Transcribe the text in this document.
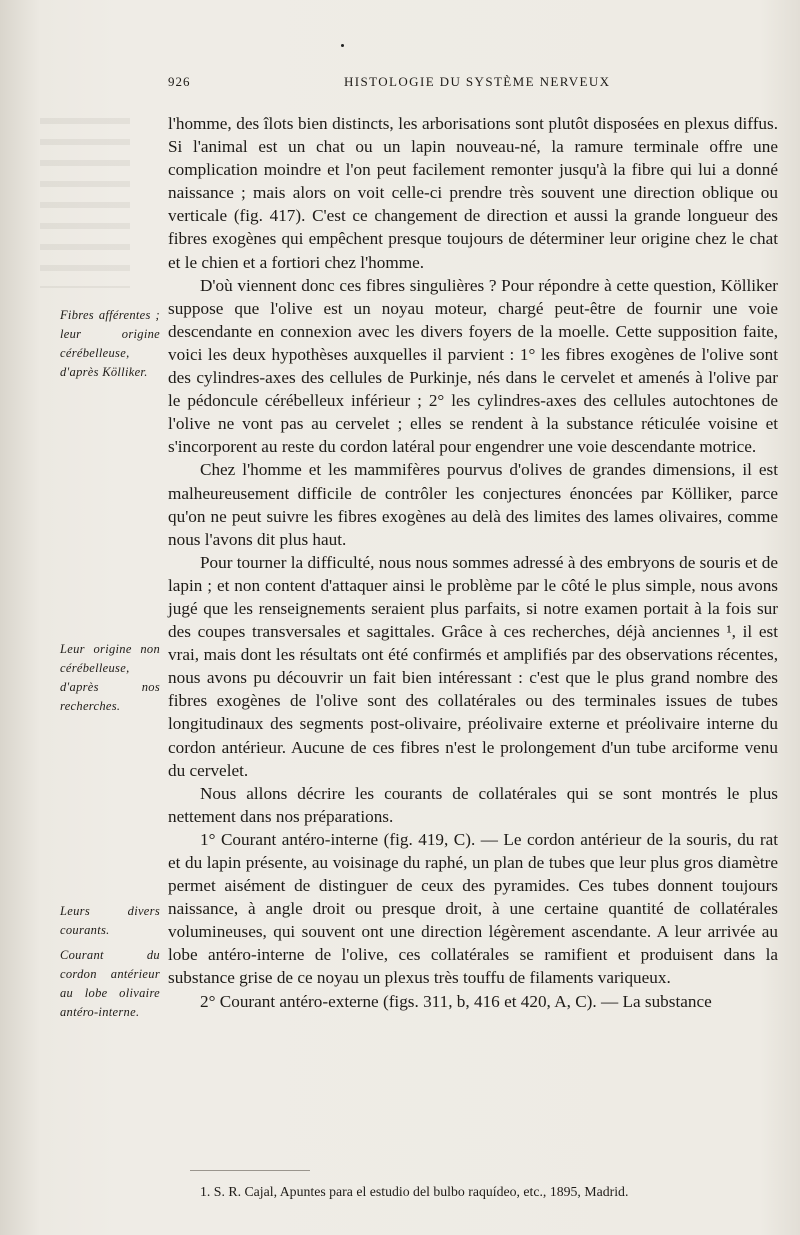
926	HISTOLOGIE DU SYSTÈME NERVEUX
Fibres afférentes ; leur origine cérébelleuse, d'après Kölliker.
Leur origine non cérébelleuse, d'après nos recherches.
Leurs divers courants.
Courant du cordon antérieur au lobe olivaire antéro-interne.

l'homme, des îlots bien distincts, les arborisations sont plutôt disposées en plexus diffus. Si l'animal est un chat ou un lapin nouveau-né, la ramure terminale offre une complication moindre et l'on peut facilement remonter jusqu'à la fibre qui lui a donné naissance ; mais alors on voit celle-ci prendre très souvent une direction oblique ou verticale (fig. 417). C'est ce changement de direction et aussi la grande longueur des fibres exogènes qui empêchent presque toujours de déterminer leur origine chez le chat et le chien et a fortiori chez l'homme.

D'où viennent donc ces fibres singulières ? Pour répondre à cette question, Kölliker suppose que l'olive est un noyau moteur, chargé peut-être de fournir une voie descendante en connexion avec les divers foyers de la moelle. Cette supposition faite, voici les deux hypothèses auxquelles il parvient : 1° les fibres exogènes de l'olive sont des cylindres-axes des cellules de Purkinje, nés dans le cervelet et amenés à l'olive par le pédoncule cérébelleux inférieur ; 2° les cylindres-axes des cellules autochtones de l'olive ne vont pas au cervelet ; elles se rendent à la substance réticulée voisine et s'incorporent au reste du cordon latéral pour engendrer une voie descendante motrice.

Chez l'homme et les mammifères pourvus d'olives de grandes dimensions, il est malheureusement difficile de contrôler les conjectures énoncées par Kölliker, parce qu'on ne peut suivre les fibres exogènes au delà des limites des lames olivaires, comme nous l'avons dit plus haut.

Pour tourner la difficulté, nous nous sommes adressé à des embryons de souris et de lapin ; et non content d'attaquer ainsi le problème par le côté le plus simple, nous avons jugé que les renseignements seraient plus parfaits, si notre examen portait à la fois sur des coupes transversales et sagittales. Grâce à ces recherches, déjà anciennes ¹, il est vrai, mais dont les résultats ont été confirmés et amplifiés par des observations récentes, nous avons pu découvrir un fait bien intéressant : c'est que le plus grand nombre des fibres exogènes de l'olive sont des collatérales ou des terminales issues de tubes longitudinaux des segments post-olivaire, préolivaire externe et préolivaire interne du cordon antérieur. Aucune de ces fibres n'est le prolongement d'un tube arciforme venu du cervelet.

Nous allons décrire les courants de collatérales qui se sont montrés le plus nettement dans nos préparations.

1° Courant antéro-interne (fig. 419, C). — Le cordon antérieur de la souris, du rat et du lapin présente, au voisinage du raphé, un plan de tubes que leur plus gros diamètre permet aisément de distinguer de ceux des pyramides. Ces tubes donnent toujours naissance, à angle droit ou presque droit, à une certaine quantité de collatérales volumineuses, qui souvent ont une direction légèrement ascendante. A leur arrivée au lobe antéro-interne de l'olive, ces collatérales se ramifient et produisent dans la substance grise de ce noyau un plexus très touffu de filaments variqueux.

2° Courant antéro-externe (figs. 311, b, 416 et 420, A, C). — La substance

1. S. R. Cajal, Apuntes para el estudio del bulbo raquídeo, etc., 1895, Madrid.
